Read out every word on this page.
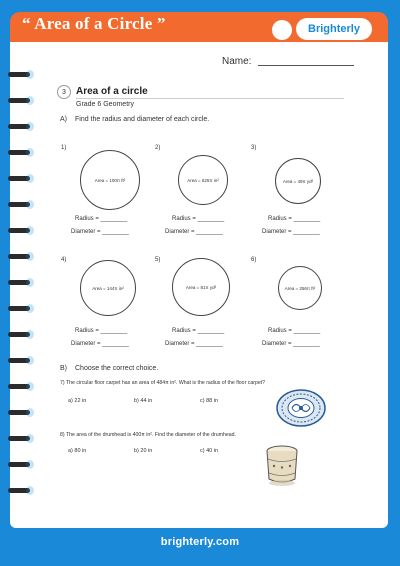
“ Area of a Circle ”	Brighterly
Name:
3	Area of a circle
Grade 6 Geometry
A) Find the radius and diameter of each circle.
1)
Area = 100π ft²
Radius = ________
Diameter = ________
2)
Area = 625π in²
Radius = ________
Diameter = ________
3)
Area = 49π yd²
Radius = ________
Diameter = ________
4)
Area = 144π in²
Radius = ________
Diameter = ________
5)
Area = 81π yd²
Radius = ________
Diameter = ________
6)
Area = 256π ft²
Radius = ________
Diameter = ________
B) Choose the correct choice.
7) The circular floor carpet has an area of 484π in². What is the radius of the floor carpet?
a) 22 in	b) 44 in	c) 88 in
8) The area of the drumhead is 400π in². Find the diameter of the drumhead.
a) 80 in	b) 20 in	c) 40 in
brighterly.com
